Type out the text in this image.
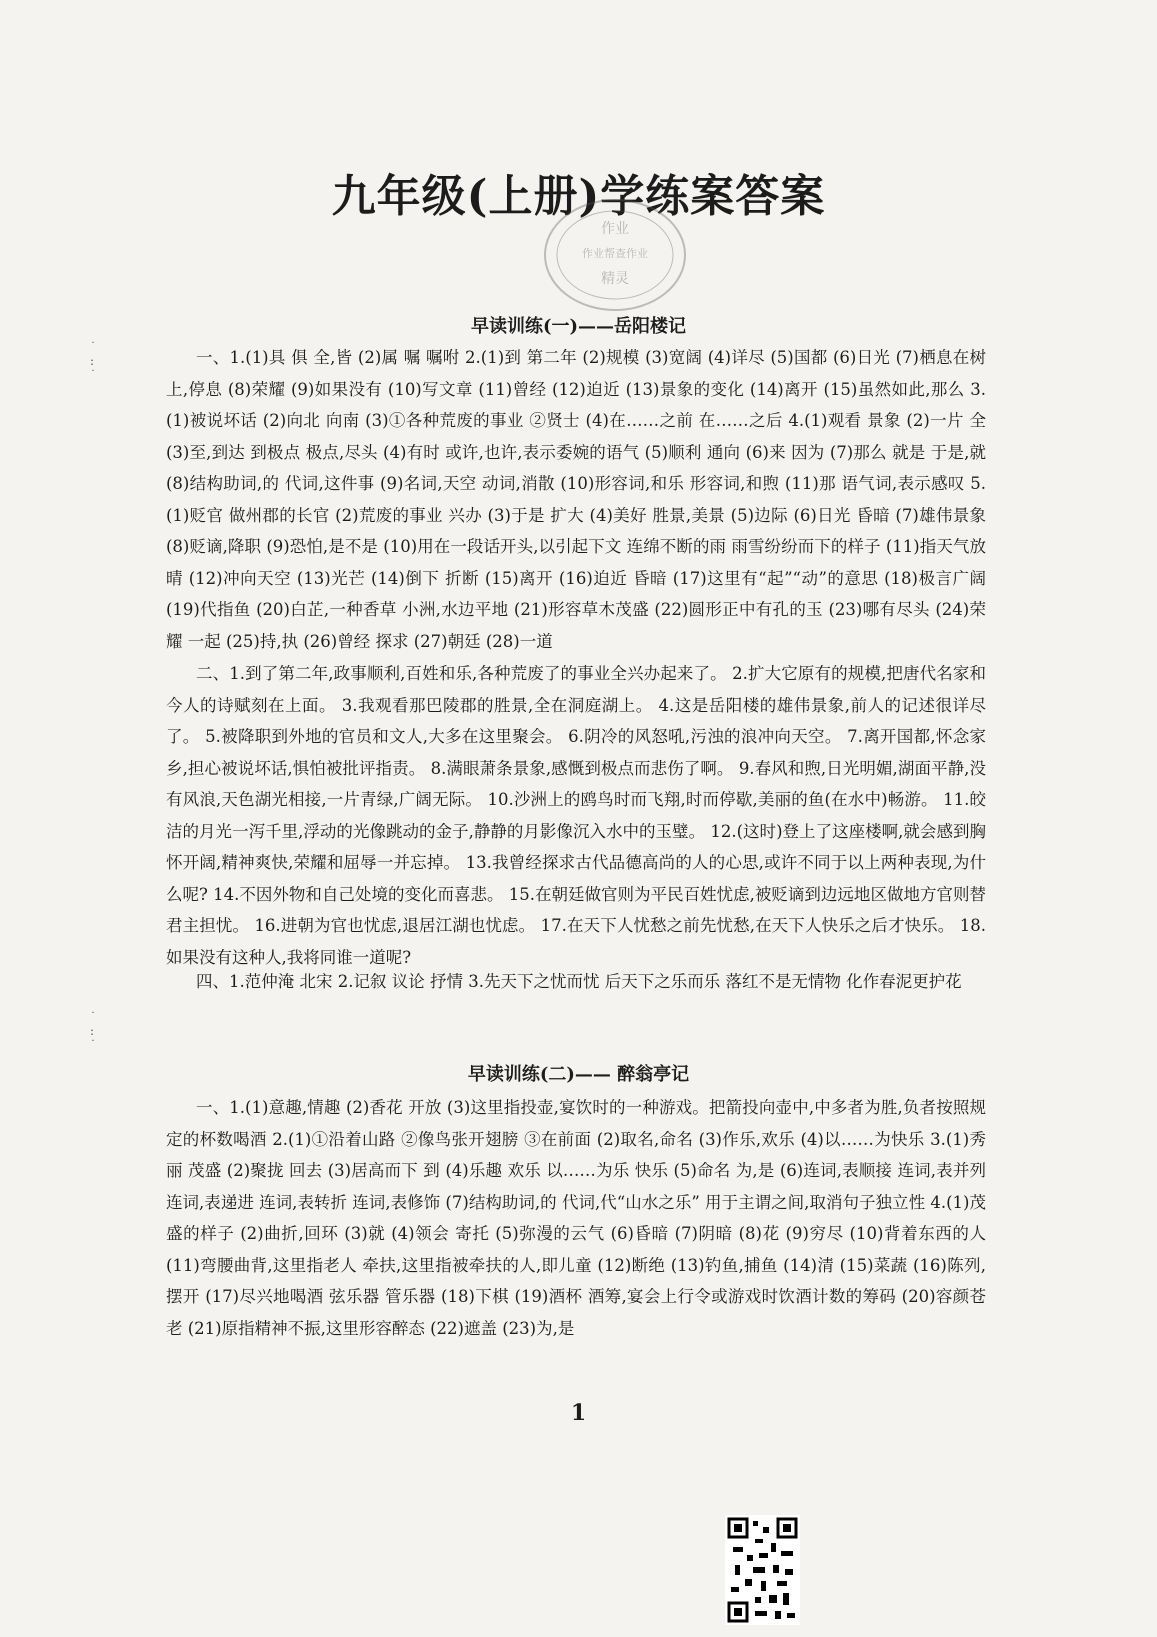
˙
:
˙
˙
:
˙
九年级(上册)学练案答案
作业
作业帮查作业
精灵
早读训练(一)——岳阳楼记
一、1.(1)具 俱 全,皆 (2)属 嘱 嘱咐 2.(1)到 第二年 (2)规模 (3)宽阔 (4)详尽 (5)国都 (6)日光 (7)栖息在树上,停息 (8)荣耀 (9)如果没有 (10)写文章 (11)曾经 (12)迫近 (13)景象的变化 (14)离开 (15)虽然如此,那么 3.(1)被说坏话 (2)向北 向南 (3)①各种荒废的事业 ②贤士 (4)在……之前 在……之后 4.(1)观看 景象 (2)一片 全 (3)至,到达 到极点 极点,尽头 (4)有时 或许,也许,表示委婉的语气 (5)顺利 通向 (6)来 因为 (7)那么 就是 于是,就 (8)结构助词,的 代词,这件事 (9)名词,天空 动词,消散 (10)形容词,和乐 形容词,和煦 (11)那 语气词,表示感叹 5.(1)贬官 做州郡的长官 (2)荒废的事业 兴办 (3)于是 扩大 (4)美好 胜景,美景 (5)边际 (6)日光 昏暗 (7)雄伟景象 (8)贬谪,降职 (9)恐怕,是不是 (10)用在一段话开头,以引起下文 连绵不断的雨 雨雪纷纷而下的样子 (11)指天气放晴 (12)冲向天空 (13)光芒 (14)倒下 折断 (15)离开 (16)迫近 昏暗 (17)这里有“起”“动”的意思 (18)极言广阔 (19)代指鱼 (20)白芷,一种香草 小洲,水边平地 (21)形容草木茂盛 (22)圆形正中有孔的玉 (23)哪有尽头 (24)荣耀 一起 (25)持,执 (26)曾经 探求 (27)朝廷 (28)一道
二、1.到了第二年,政事顺利,百姓和乐,各种荒废了的事业全兴办起来了。 2.扩大它原有的规模,把唐代名家和今人的诗赋刻在上面。 3.我观看那巴陵郡的胜景,全在洞庭湖上。 4.这是岳阳楼的雄伟景象,前人的记述很详尽了。 5.被降职到外地的官员和文人,大多在这里聚会。 6.阴冷的风怒吼,污浊的浪冲向天空。 7.离开国都,怀念家乡,担心被说坏话,惧怕被批评指责。 8.满眼萧条景象,感慨到极点而悲伤了啊。 9.春风和煦,日光明媚,湖面平静,没有风浪,天色湖光相接,一片青绿,广阔无际。 10.沙洲上的鸥鸟时而飞翔,时而停歇,美丽的鱼(在水中)畅游。 11.皎洁的月光一泻千里,浮动的光像跳动的金子,静静的月影像沉入水中的玉璧。 12.(这时)登上了这座楼啊,就会感到胸怀开阔,精神爽快,荣耀和屈辱一并忘掉。 13.我曾经探求古代品德高尚的人的心思,或许不同于以上两种表现,为什么呢? 14.不因外物和自己处境的变化而喜悲。 15.在朝廷做官则为平民百姓忧虑,被贬谪到边远地区做地方官则替君主担忧。 16.进朝为官也忧虑,退居江湖也忧虑。 17.在天下人忧愁之前先忧愁,在天下人快乐之后才快乐。 18.如果没有这种人,我将同谁一道呢?
四、1.范仲淹 北宋 2.记叙 议论 抒情 3.先天下之忧而忧 后天下之乐而乐 落红不是无情物 化作春泥更护花
早读训练(二)—— 醉翁亭记
一、1.(1)意趣,情趣 (2)香花 开放 (3)这里指投壶,宴饮时的一种游戏。把箭投向壶中,中多者为胜,负者按照规定的杯数喝酒 2.(1)①沿着山路 ②像鸟张开翅膀 ③在前面 (2)取名,命名 (3)作乐,欢乐 (4)以……为快乐 3.(1)秀丽 茂盛 (2)聚拢 回去 (3)居高而下 到 (4)乐趣 欢乐 以……为乐 快乐 (5)命名 为,是 (6)连词,表顺接 连词,表并列 连词,表递进 连词,表转折 连词,表修饰 (7)结构助词,的 代词,代“山水之乐” 用于主谓之间,取消句子独立性 4.(1)茂盛的样子 (2)曲折,回环 (3)就 (4)领会 寄托 (5)弥漫的云气 (6)昏暗 (7)阴暗 (8)花 (9)穷尽 (10)背着东西的人 (11)弯腰曲背,这里指老人 牵扶,这里指被牵扶的人,即儿童 (12)断绝 (13)钓鱼,捕鱼 (14)清 (15)菜蔬 (16)陈列,摆开 (17)尽兴地喝酒 弦乐器 管乐器 (18)下棋 (19)酒杯 酒筹,宴会上行令或游戏时饮酒计数的筹码 (20)容颜苍老 (21)原指精神不振,这里形容醉态 (22)遮盖 (23)为,是
1
